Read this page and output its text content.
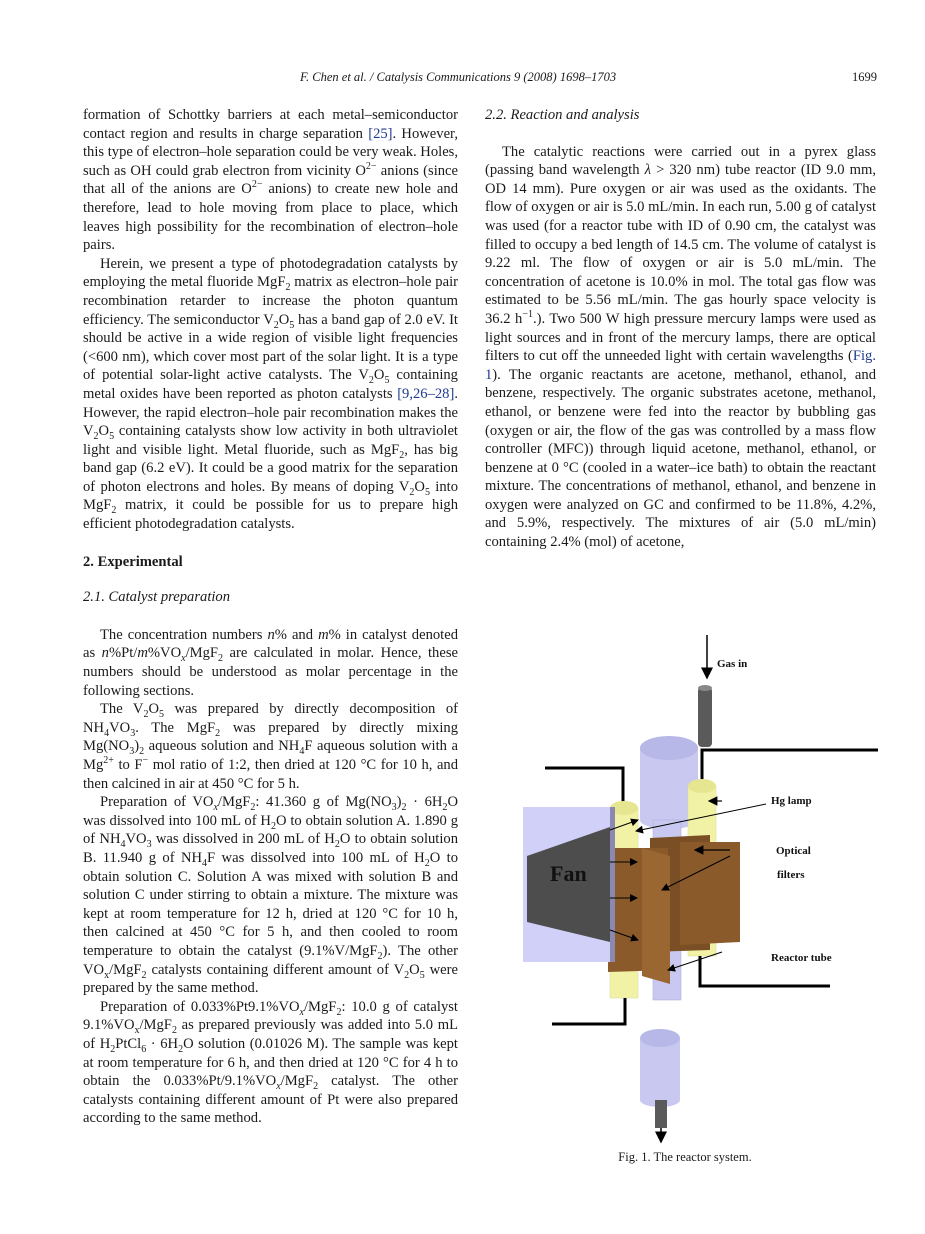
F. Chen et al. / Catalysis Communications 9 (2008) 1698–1703	1699

formation of Schottky barriers at each metal–semiconductor contact region and results in charge separation [25]. However, this type of electron–hole separation could be very weak. Holes, such as OH could grab electron from vicinity $O^{2-}$ anions (since that all of the anions are $O^{2-}$ anions) to create new hole and therefore, lead to hole moving from place to place, which leaves high possibility for the recombination of electron–hole pairs.

Herein, we present a type of photodegradation catalysts by employing the metal fluoride MgF$_2$ matrix as electron–hole pair recombination retarder to increase the photon quantum efficiency. The semiconductor $V_2O_5$ has a band gap of 2.0 eV. It should be active in a wide region of visible light frequencies (<600 nm), which cover most part of the solar light. It is a type of potential solar-light active catalysts. The $V_2O_5$ containing metal oxides have been reported as photon catalysts [9,26–28]. However, the rapid electron–hole pair recombination makes the $V_2O_5$ containing catalysts show low activity in both ultraviolet light and visible light. Metal fluoride, such as MgF$_2$, has big band gap (6.2 eV). It could be a good matrix for the separation of photon electrons and holes. By means of doping $V_2O_5$ into MgF$_2$ matrix, it could be possible for us to prepare high efficient photodegradation catalysts.

2. Experimental
2.1. Catalyst preparation

The concentration numbers n% and m% in catalyst denoted as $n\%Pt/m\%VO_x/MgF_2$ are calculated in molar. Hence, these numbers should be understood as molar percentage in the following sections.

The $V_2O_5$ was prepared by directly decomposition of $NH_4VO_3$. The MgF$_2$ was prepared by directly mixing $Mg(NO_3)_2$ aqueous solution and $NH_4F$ aqueous solution with a $Mg^{2+}$ to F− mol ratio of 1:2, then dried at 120 °C for 10 h, and then calcined in air at 450 °C for 5 h.

Preparation of $VO_x/MgF_2$: 41.360 g of $Mg(NO_3)_2 \cdot 6H_2O$ was dissolved into 100 mL of $H_2O$ to obtain solution A. 1.890 g of $NH_4VO_3$ was dissolved in 200 mL of $H_2O$ to obtain solution B. 11.940 g of $NH_4F$ was dissolved into 100 mL of $H_2O$ to obtain solution C. Solution A was mixed with solution B and solution C under stirring to obtain a mixture. The mixture was kept at room temperature for 12 h, dried at 120 °C for 10 h, then calcined at 450 °C for 5 h, and then cooled to room temperature to obtain the catalyst (9.1%V/MgF$_2$). The other $VO_x/MgF_2$ catalysts containing different amount of $V_2O_5$ were prepared by the same method.

Preparation of $0.033\%Pt9.1\%VO_x/MgF_2$: 10.0 g of catalyst $9.1\%VO_x/MgF_2$ as prepared previously was added into 5.0 mL of $H_2PtCl_6 \cdot 6H_2O$ solution (0.01026 M). The sample was kept at room temperature for 6 h, and then dried at 120 °C for 4 h to obtain the $0.033\%Pt/9.1\%VO_x/MgF_2$ catalyst. The other catalysts containing different amount of Pt were also prepared according to the same method.

2.2. Reaction and analysis

The catalytic reactions were carried out in a pyrex glass (passing band wavelength λ > 320 nm) tube reactor (ID 9.0 mm, OD 14 mm). Pure oxygen or air was used as the oxidants. The flow of oxygen or air is 5.0 mL/min. In each run, 5.00 g of catalyst was used (for a reactor tube with ID of 0.90 cm, the catalyst was filled to occupy a bed length of 14.5 cm. The volume of catalyst is 9.22 ml. The flow of oxygen or air is 5.0 mL/min. The concentration of acetone is 10.0% in mol. The total gas flow was estimated to be 5.56 mL/min. The gas hourly space velocity is 36.2 $h^{-1}$.). Two 500 W high pressure mercury lamps were used as light sources and in front of the mercury lamps, there are optical filters to cut off the unneeded light with certain wavelengths (Fig. 1). The organic reactants are acetone, methanol, ethanol, and benzene, respectively. The organic substrates acetone, methanol, ethanol, or benzene were fed into the reactor by bubbling gas (oxygen or air, the flow of the gas was controlled by a mass flow controller (MFC)) through liquid acetone, methanol, ethanol, or benzene at 0 °C (cooled in a water–ice bath) to obtain the reactant mixture. The concentrations of methanol, ethanol, and benzene in oxygen were analyzed on GC and confirmed to be 11.8%, 4.2%, and 5.9%, respectively. The mixtures of air (5.0 mL/min) containing 2.4% (mol) of acetone,

Gas in
Hg lamp
Optical
filters
Reactor tube
Fan
Fig. 1. The reactor system.
